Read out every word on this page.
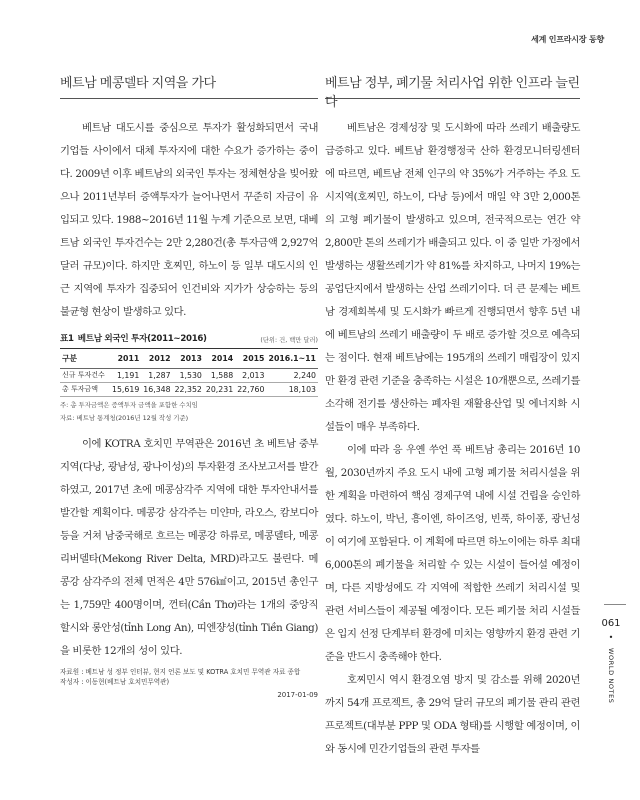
세계 인프라시장 동향
베트남 메콩델타 지역을 가다

베트남 대도시를 중심으로 투자가 활성화되면서 국내 기업들 사이에서 대체 투자지에 대한 수요가 증가하는 중이다. 2009년 이후 베트남의 외국인 투자는 정체현상을 빚어왔으나 2011년부터 증액투자가 늘어나면서 꾸준히 자금이 유입되고 있다. 1988~2016년 11월 누계 기준으로 보면, 대베트남 외국인 투자건수는 2만 2,280건(총 투자금액 2,927억 달러 규모)이다. 하지만 호찌민, 하노이 등 일부 대도시의 인근 지역에 투자가 집중되어 인건비와 지가가 상승하는 등의 불균형 현상이 발생하고 있다.

표1 베트남 외국인 투자(2011~2016)	(단위: 건, 백만 달러)
구분	2011	2012	2013	2014	2015	2016.1~11
신규 투자건수	1,191	1,287	1,530	1,588	2,013	2,240
총 투자금액	15,619	16,348	22,352	20,231	22,760	18,103
주: 총 투자금액은 증액투자 금액을 포함한 수치임
자료: 베트남 통계청(2016년 12월 작성 기준)

이에 KOTRA 호치민 무역관은 2016년 초 베트남 중부지역(다낭, 광남성, 광나이성)의 투자환경 조사보고서를 발간하였고, 2017년 초에 메콩삼각주 지역에 대한 투자안내서를 발간할 계획이다. 메콩강 삼각주는 미얀마, 라오스, 캄보디아 등을 거쳐 남중국해로 흐르는 메콩강 하류로, 메콩델타, 메콩리버델타(Mekong River Delta, MRD)라고도 불린다. 메콩강 삼각주의 전체 면적은 4만 576㎢이고, 2015년 총인구는 1,759만 400명이며, 껀터(Cần Thơ)라는 1개의 중앙직할시와 롱안성(tỉnh Long An), 띠엔쟝성(tỉnh Tiền Giang)을 비롯한 12개의 성이 있다.

자료원 : 베트남 성 정부 인터뷰, 현지 언론 보도 및 KOTRA 호치민 무역관 자료 종합
작성자 : 이동현(베트남 호치민무역관)
2017-01-09
베트남 정부, 폐기물 처리사업 위한 인프라 늘린다

베트남은 경제성장 및 도시화에 따라 쓰레기 배출량도 급증하고 있다. 베트남 환경행정국 산하 환경모니터링센터에 따르면, 베트남 전체 인구의 약 35%가 거주하는 주요 도시지역(호찌민, 하노이, 다낭 등)에서 매일 약 3만 2,000톤의 고형 폐기물이 발생하고 있으며, 전국적으로는 연간 약 2,800만 톤의 쓰레기가 배출되고 있다. 이 중 일반 가정에서 발생하는 생활쓰레기가 약 81%를 차지하고, 나머지 19%는 공업단지에서 발생하는 산업 쓰레기이다. 더 큰 문제는 베트남 경제회복세 및 도시화가 빠르게 진행되면서 향후 5년 내에 베트남의 쓰레기 배출량이 두 배로 증가할 것으로 예측되는 점이다. 현재 베트남에는 195개의 쓰레기 매립장이 있지만 환경 관련 기준을 충족하는 시설은 10개뿐으로, 쓰레기를 소각해 전기를 생산하는 폐자원 재활용산업 및 에너지화 시설들이 매우 부족하다.

이에 따라 응 우옌 쑤언 푹 베트남 총리는 2016년 10월, 2030년까지 주요 도시 내에 고형 폐기물 처리시설을 위한 계획을 마련하여 핵심 경제구역 내에 시설 건립을 승인하였다. 하노이, 박닌, 흥이엔, 하이즈엉, 빈푹, 하이퐁, 광닌성이 여기에 포함된다. 이 계획에 따르면 하노이에는 하루 최대 6,000톤의 폐기물을 처리할 수 있는 시설이 들어설 예정이며, 다른 지방성에도 각 지역에 적합한 쓰레기 처리시설 및 관련 서비스들이 제공될 예정이다. 모든 폐기물 처리 시설들은 입지 선정 단계부터 환경에 미치는 영향까지 환경 관련 기준을 반드시 충족해야 한다.

호찌민시 역시 환경오염 방지 및 감소를 위해 2020년까지 54개 프로젝트, 총 29억 달러 규모의 폐기물 관리 관련 프로젝트(대부분 PPP 및 ODA 형태)를 시행할 예정이며, 이와 동시에 민간기업들의 관련 투자를

061
•
WORLD NOTES
